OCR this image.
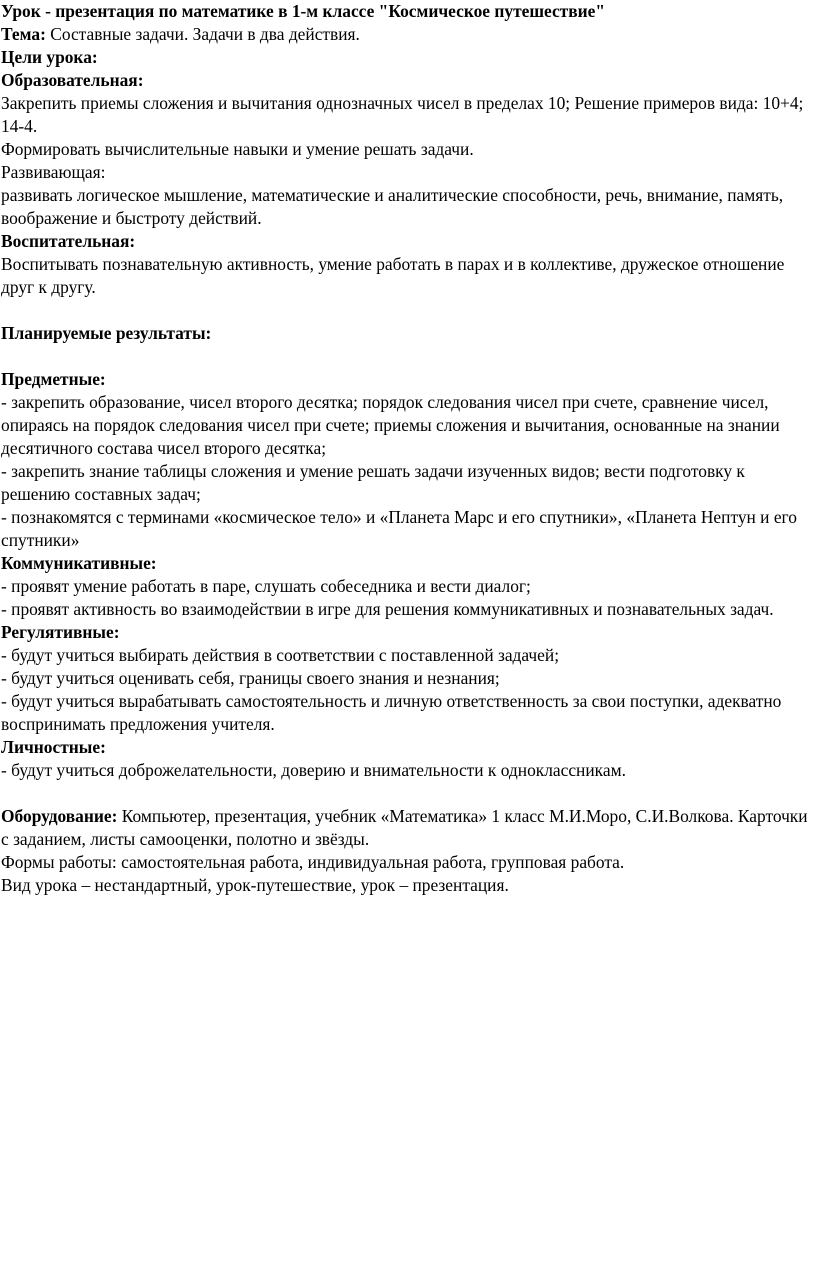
Урок - презентация по математике в 1-м классе "Космическое путешествие"

Тема: Составные задачи. Задачи в два действия.

Цели урока:

Образовательная:

Закрепить приемы сложения и вычитания однозначных чисел в пределах 10; Решение примеров вида: 10+4; 14-4.

Формировать вычислительные навыки и умение решать задачи.

Развивающая:

развивать логическое мышление, математические и аналитические способности, речь, внимание, память, воображение и быстроту действий.

Воспитательная:

Воспитывать познавательную активность, умение работать в парах и в коллективе, дружеское отношение друг к другу.

Планируемые результаты:

Предметные:

- закрепить образование, чисел второго десятка; порядок следования чисел при счете, сравнение чисел, опираясь на порядок следования чисел при счете; приемы сложения и вычитания, основанные на знании десятичного состава чисел второго десятка;

- закрепить знание таблицы сложения и умение решать задачи изученных видов; вести подготовку к решению составных задач;

- познакомятся с терминами «космическое тело» и «Планета Марс и его спутники», «Планета Нептун и его спутники»

Коммуникативные:

- проявят умение работать в паре, слушать собеседника и вести диалог;

- проявят активность во взаимодействии в игре для решения коммуникативных и познавательных задач.

Регулятивные:

- будут учиться выбирать действия в соответствии с поставленной задачей;

- будут учиться оценивать себя, границы своего знания и незнания;

- будут учиться вырабатывать самостоятельность и личную ответственность за свои поступки, адекватно воспринимать предложения учителя.

Личностные:

- будут учиться доброжелательности, доверию и внимательности к одноклассникам.

Оборудование: Компьютер, презентация, учебник «Математика» 1 класс М.И.Моро, С.И.Волкова. Карточки с заданием, листы самооценки, полотно и звёзды.

Формы работы: самостоятельная работа, индивидуальная работа, групповая работа.

Вид урока – нестандартный, урок-путешествие, урок – презентация.
